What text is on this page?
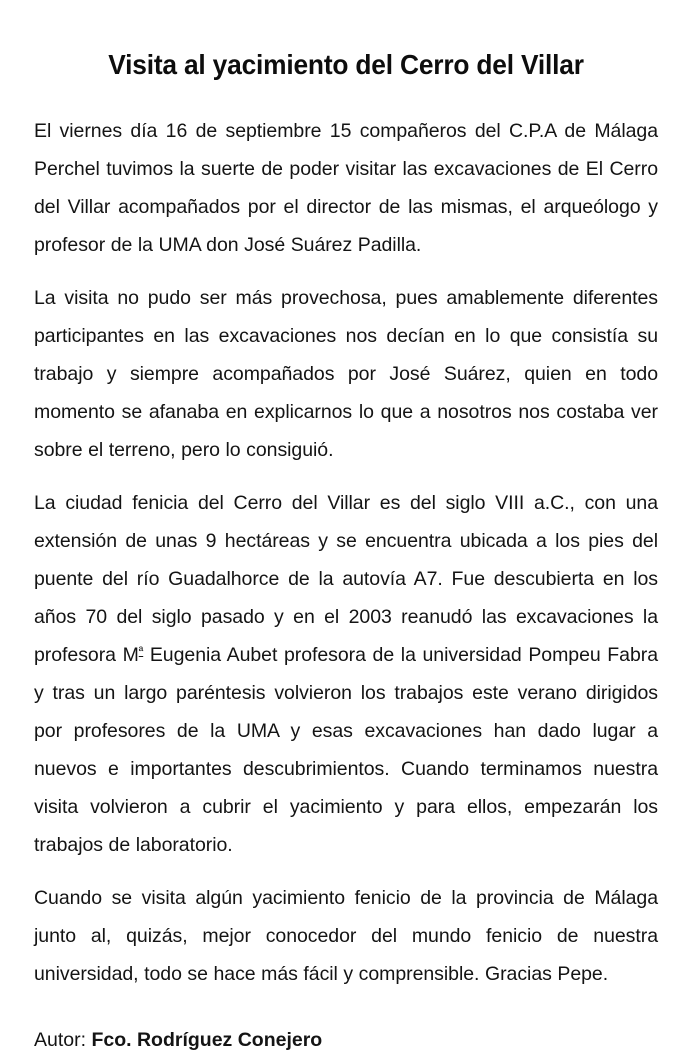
Visita al yacimiento del Cerro del Villar

El viernes día 16 de septiembre 15 compañeros del C.P.A de Málaga Perchel tuvimos la suerte de poder visitar las excavaciones de El Cerro del Villar acompañados por el director de las mismas, el arqueólogo y profesor de la UMA don José Suárez Padilla.

La visita no pudo ser más provechosa, pues amablemente diferentes participantes en las excavaciones nos decían en lo que consistía su trabajo y siempre acompañados por José Suárez, quien en todo momento se afanaba en explicarnos lo que a nosotros nos costaba ver sobre el terreno, pero lo consiguió.

La ciudad fenicia del Cerro del Villar es del siglo VIII a.C., con una extensión de unas 9 hectáreas y se encuentra ubicada a los pies del puente del río Guadalhorce de la autovía A7. Fue descubierta en los años 70 del siglo pasado y en el 2003 reanudó las excavaciones la profesora $M^ª$ Eugenia Aubet profesora de la universidad Pompeu Fabra y tras un largo paréntesis volvieron los trabajos este verano dirigidos por profesores de la UMA y esas excavaciones han dado lugar a nuevos e importantes descubrimientos. Cuando terminamos nuestra visita volvieron a cubrir el yacimiento y para ellos, empezarán los trabajos de laboratorio.

Cuando se visita algún yacimiento fenicio de la provincia de Málaga junto al, quizás, mejor conocedor del mundo fenicio de nuestra universidad, todo se hace más fácil y comprensible. Gracias Pepe.

Autor: Fco. Rodríguez Conejero
